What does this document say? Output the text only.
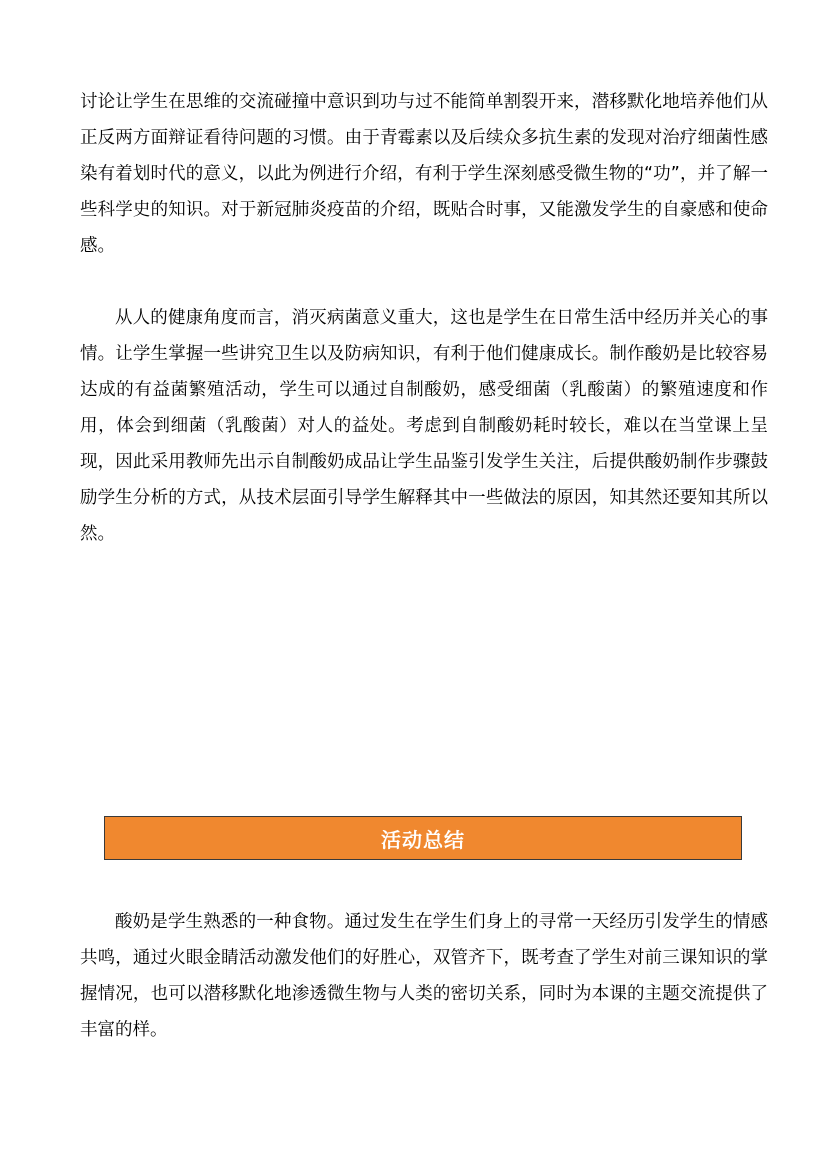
讨论让学生在思维的交流碰撞中意识到功与过不能简单割裂开来，潜移默化地培养他们从正反两方面辩证看待问题的习惯。由于青霉素以及后续众多抗生素的发现对治疗细菌性感染有着划时代的意义，以此为例进行介绍，有利于学生深刻感受微生物的“功”，并了解一些科学史的知识。对于新冠肺炎疫苗的介绍，既贴合时事，又能激发学生的自豪感和使命感。

从人的健康角度而言，消灭病菌意义重大，这也是学生在日常生活中经历并关心的事情。让学生掌握一些讲究卫生以及防病知识，有利于他们健康成长。制作酸奶是比较容易达成的有益菌繁殖活动，学生可以通过自制酸奶，感受细菌（乳酸菌）的繁殖速度和作用，体会到细菌（乳酸菌）对人的益处。考虑到自制酸奶耗时较长，难以在当堂课上呈现，因此采用教师先出示自制酸奶成品让学生品鉴引发学生关注，后提供酸奶制作步骤鼓励学生分析的方式，从技术层面引导学生解释其中一些做法的原因，知其然还要知其所以然。

活动总结

酸奶是学生熟悉的一种食物。通过发生在学生们身上的寻常一天经历引发学生的情感共鸣，通过火眼金睛活动激发他们的好胜心，双管齐下，既考查了学生对前三课知识的掌握情况，也可以潜移默化地渗透微生物与人类的密切关系，同时为本课的主题交流提供了丰富的样。
